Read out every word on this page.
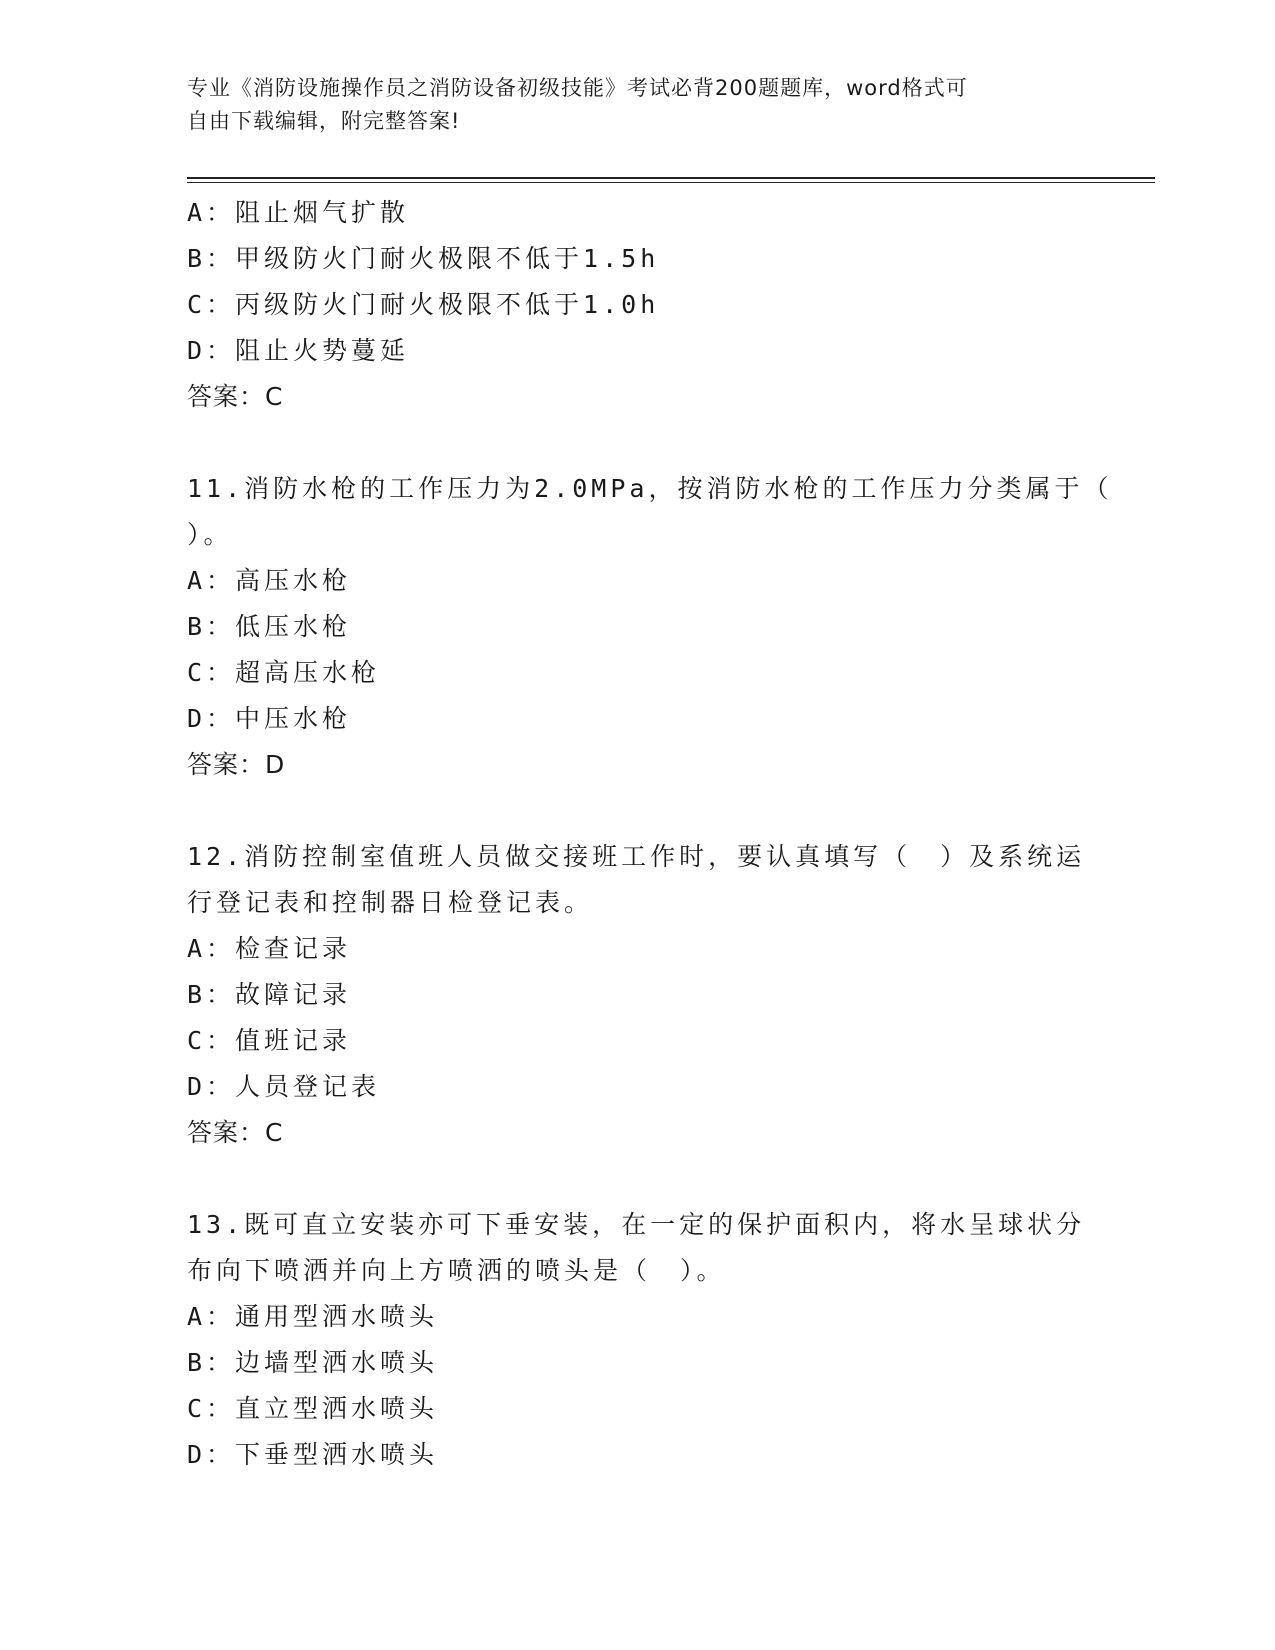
专业《消防设施操作员之消防设备初级技能》考试必背200题题库，word格式可
自由下载编辑，附完整答案!
A：阻止烟气扩散
B：甲级防火门耐火极限不低于1.5h
C：丙级防火门耐火极限不低于1.0h
D：阻止火势蔓延
答案：C
11.消防水枪的工作压力为2.0MPa，按消防水枪的工作压力分类属于（
）。
A：高压水枪
B：低压水枪
C：超高压水枪
D：中压水枪
答案：D
12.消防控制室值班人员做交接班工作时，要认真填写（　）及系统运
行登记表和控制器日检登记表。
A：检查记录
B：故障记录
C：值班记录
D：人员登记表
答案：C
13.既可直立安装亦可下垂安装，在一定的保护面积内，将水呈球状分
布向下喷洒并向上方喷洒的喷头是（　）。
A：通用型洒水喷头
B：边墙型洒水喷头
C：直立型洒水喷头
D：下垂型洒水喷头
